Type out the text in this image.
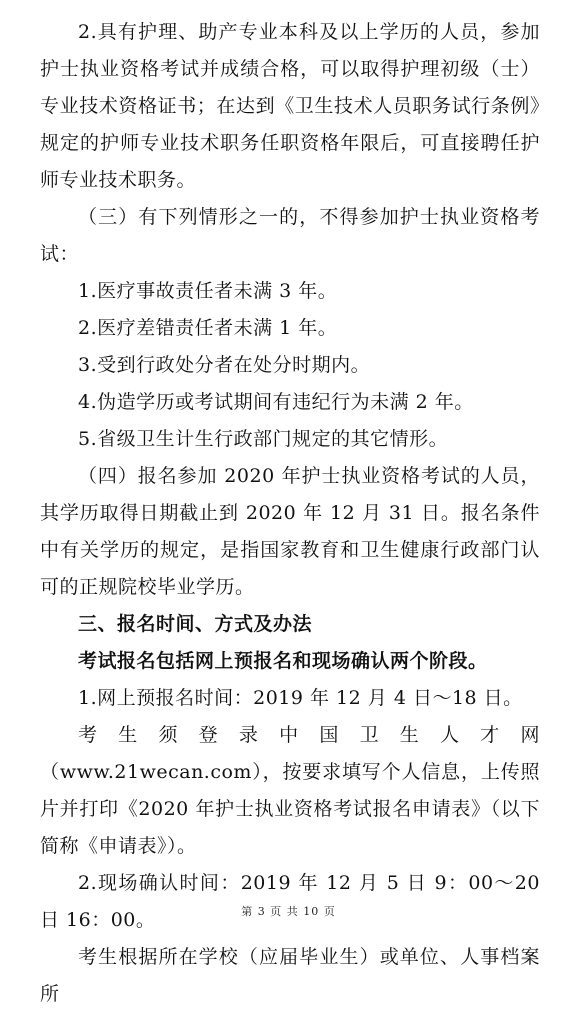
2.具有护理、助产专业本科及以上学历的人员，参加护士执业资格考试并成绩合格，可以取得护理初级（士）专业技术资格证书；在达到《卫生技术人员职务试行条例》规定的护师专业技术职务任职资格年限后，可直接聘任护师专业技术职务。

（三）有下列情形之一的，不得参加护士执业资格考试：

1.医疗事故责任者未满 3 年。

2.医疗差错责任者未满 1 年。

3.受到行政处分者在处分时期内。

4.伪造学历或考试期间有违纪行为未满 2 年。

5.省级卫生计生行政部门规定的其它情形。

（四）报名参加 2020 年护士执业资格考试的人员，其学历取得日期截止到 2020 年 12 月 31 日。报名条件中有关学历的规定，是指国家教育和卫生健康行政部门认可的正规院校毕业学历。

三、报名时间、方式及办法

考试报名包括网上预报名和现场确认两个阶段。

1.网上预报名时间：2019 年 12 月 4 日～18 日。

考生须登录中国卫生人才网（www.21wecan.com），按要求填写个人信息，上传照片并打印《2020 年护士执业资格考试报名申请表》（以下简称《申请表》）。

2.现场确认时间：2019 年 12 月 5 日 9：00～20 日 16：00。

考生根据所在学校（应届毕业生）或单位、人事档案所

第 3 页 共 10 页
